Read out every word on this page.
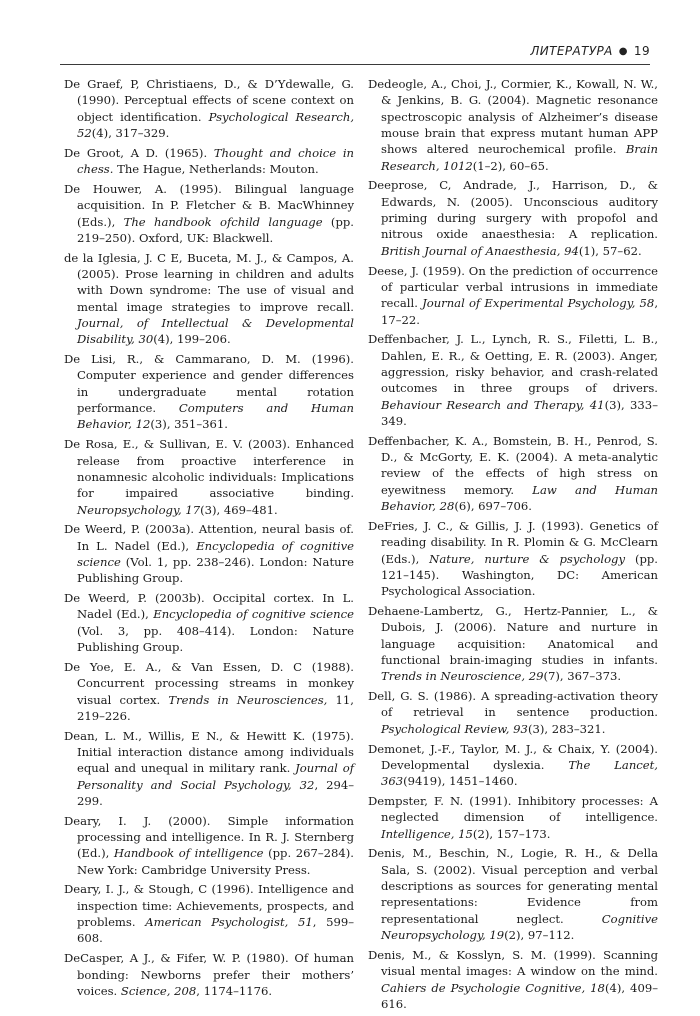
ЛИТЕРАТУРА ● 19

De Graef, P, Christiaens, D., & D’Ydewalle, G. (1990). Perceptual effects of scene context on object identification. Psychological Research, 52(4), 317–329.

De Groot, A D. (1965). Thought and choice in chess. The Hague, Netherlands: Mouton.

De Houwer, A. (1995). Bilingual language acquisition. In P. Fletcher & B. MacWhinney (Eds.), The handbook ofchild language (pp. 219–250). Oxford, UK: Blackwell.

de la Iglesia, J. C E, Buceta, M. J., & Campos, A. (2005). Prose learning in children and adults with Down syndrome: The use of visual and mental image strategies to improve recall. Journal, of Intellectual & Developmental Disability, 30(4), 199–206.

De Lisi, R., & Cammarano, D. M. (1996). Computer experience and gender differences in undergraduate mental rotation performance. Computers and Human Behavior, 12(3), 351–361.

De Rosa, E., & Sullivan, E. V. (2003). Enhanced release from proactive interference in nonamnesic alcoholic individuals: Implications for impaired associative binding. Neuropsychology, 17(3), 469–481.

De Weerd, P. (2003a). Attention, neural basis of. In L. Nadel (Ed.), Encyclopedia of cognitive science (Vol. 1, pp. 238–246). London: Nature Publishing Group.

De Weerd, P. (2003b). Occipital cortex. In L. Nadel (Ed.), Encyclopedia of cognitive science (Vol. 3, pp. 408–414). London: Nature Publishing Group.

De Yoe, E. A., & Van Essen, D. C (1988). Concurrent processing streams in monkey visual cortex. Trends in Neurosciences, 11, 219–226.

Dean, L. M., Willis, E N., & Hewitt K. (1975). Initial interaction distance among individuals equal and unequal in military rank. Journal of Personality and Social Psychology, 32, 294–299.

Deary, I. J. (2000). Simple information processing and intelligence. In R. J. Sternberg (Ed.), Handbook of intelligence (pp. 267–284). New York: Cambridge University Press.

Deary, I. J., & Stough, C (1996). Intelligence and inspection time: Achievements, prospects, and problems. American Psychologist, 51, 599–608.

DeCasper, A J., & Fifer, W. P. (1980). Of human bonding: Newborns prefer their mothers’ voices. Science, 208, 1174–1176.

Dedeogle, A., Choi, J., Cormier, K., Kowall, N. W., & Jenkins, B. G. (2004). Magnetic resonance spectroscopic analysis of Alzheimer’s disease mouse brain that express mutant human APP shows altered neurochemical profile. Brain Research, 1012(1–2), 60–65.

Deeprose, C, Andrade, J., Harrison, D., & Edwards, N. (2005). Unconscious auditory priming during surgery with propofol and nitrous oxide anaesthesia: A replication. British Journal of Anaesthesia, 94(1), 57–62.

Deese, J. (1959). On the prediction of occurrence of particular verbal intrusions in immediate recall. Journal of Experimental Psychology, 58, 17–22.

Deffenbacher, J. L., Lynch, R. S., Filetti, L. B., Dahlen, E. R., & Oetting, E. R. (2003). Anger, aggression, risky behavior, and crash-related outcomes in three groups of drivers. Behaviour Research and Therapy, 41(3), 333–349.

Deffenbacher, K. A., Bomstein, B. H., Penrod, S. D., & McGorty, E. K. (2004). A meta-analytic review of the effects of high stress on eyewitness memory. Law and Human Behavior, 28(6), 697–706.

DeFries, J. C., & Gillis, J. J. (1993). Genetics of reading disability. In R. Plomin & G. McClearn (Eds.), Nature, nurture & psychology (pp. 121–145). Washington, DC: American Psychological Association.

Dehaene-Lambertz, G., Hertz-Pannier, L., & Dubois, J. (2006). Nature and nurture in language acquisition: Anatomical and functional brain-imaging studies in infants. Trends in Neuroscience, 29(7), 367–373.

Dell, G. S. (1986). A spreading-activation theory of retrieval in sentence production. Psychological Review, 93(3), 283–321.

Demonet, J.-F., Taylor, M. J., & Chaix, Y. (2004). Developmental dyslexia. The Lancet, 363(9419), 1451–1460.

Dempster, F. N. (1991). Inhibitory processes: A neglected dimension of intelligence. Intelligence, 15(2), 157–173.

Denis, M., Beschin, N., Logie, R. H., & Della Sala, S. (2002). Visual perception and verbal descriptions as sources for generating mental representations: Evidence from representational neglect. Cognitive Neuropsychology, 19(2), 97–112.

Denis, M., & Kosslyn, S. M. (1999). Scanning visual mental images: A window on the mind. Cahiers de Psychologie Cognitive, 18(4), 409–616.
